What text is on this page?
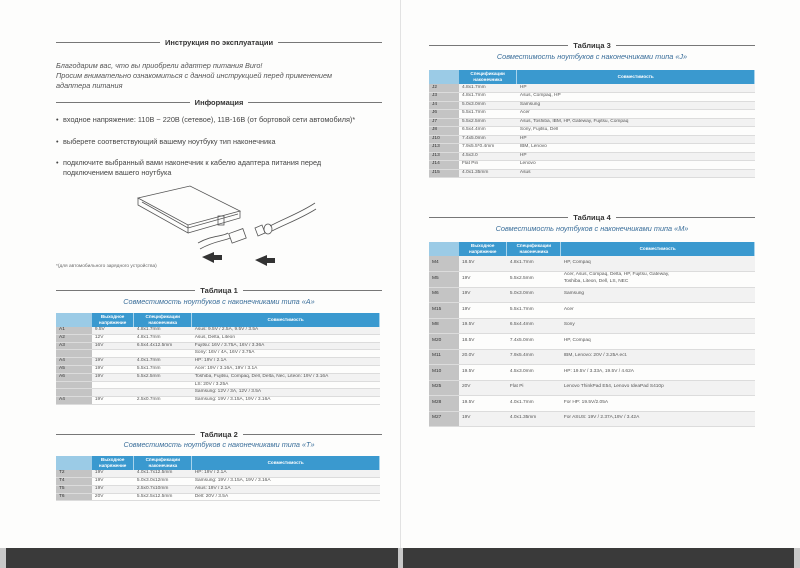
Инструкция по эксплуатации

Благодарим вас, что вы приобрели адаптер питания Buro!

Просим внимательно ознакомиться с данной инструкцией перед применением

адаптера питания

Информация
• входное напряжение: 110В ~ 220В (сетевое), 11В-16В (от бортовой сети автомобиля)*
• выберете соответствующий вашему ноутбуку тип наконечника
• подключите выбранный вами наконечник к кабелю адаптера питания перед
подключением вашего ноутбука
*(для автомобильного зарядного устройства)
Таблица 1
Совместимость ноутбуков с наконечниками типа «A»
	Выходное напряжение	Спецификации наконечника	Совместимость
A1	9.5V	4.8x1.7mm	Asus: 9.5V / 2.5A, 9.5V / 3.5A
A2	12V	4.8x1.7mm	Asus, Delta, Liteon
A3	16V	6.5x4.4x12.5mm	Fujitsu: 16V / 3.75A, 16V / 3.36A
			Sony: 16V / 4A, 16V / 3.75A
A4	19V	4.0x1.7mm	HP: 19V / 2.1A
A5	19V	5.5x1.7mm	Acer: 19V / 3.16A, 19V / 3.1A
A6	19V	5.5x2.5mm	Toshiba, Fujitsu, Compaq, Dell, Delta, Nec, Liteon: 19V / 3.16A
			LS: 20V / 3.25A
			Samsung: 12V / 3A, 12V / 3.5A
A4	19V	2.5x0.7mm	Samsung: 19V / 3.15A, 19V / 3.16A
Таблица 2
Совместимость ноутбуков с наконечниками типа «T»
	Выходное напряжение	Спецификации наконечника	Совместимость
T2	19V	4.0x1.7x12.5mm	HP: 19V / 2.1A
T4	19V	5.0x3.0x12mm	Samsung: 19V / 3.15A, 19V / 3.16A
T5	19V	2.5x0.7x10mm	Asus: 19V / 2.1A
T6	20V	5.5x2.5x12.5mm	Dell: 20V / 3.5A
Таблица 3
Совместимость ноутбуков с наконечниками типа «J»
	Спецификации наконечника	Совместимость
J2	4.8x1.7mm	HP
J3	4.8x1.7mm	Asus, Compaq, HP
J4	5.0x3.0mm	Samsung
J6	5.5x1.7mm	Acer
J7	5.5x2.5mm	Asus, Toshiba, IBM, HP, Gateway, Fujitsu, Compaq
J8	6.5x4.4mm	Sony, Fujitsu, Dell
J10	7.4x5.0mm	HP
J13	7.9x5.5*0.4mm	IBM, Lenovo
J13	4.5x3.0	HP
J14	Flat Pin	Lenovo
J15	4.0x1.35mm	Asus
Таблица 4
Совместимость ноутбуков с наконечниками типа «M»
	Выходное напряжение	Спецификации наконечника	Совместимость
M4	18.5V	4.8x1.7mm	HP, Compaq
M5	19V	5.5x2.5mm	Acer, Asus, Compaq, Delta, HP, Fujitsu, Gateway,
Toshiba, Liteon, Dell, LS, NEC

M6	19V	5.0x3.0mm	Samsung
M15	19V	5.5x1.7mm	Acer
M8	19.5V	6.5x4.4mm	Sony
M20	18.5V	7.4x5.0mm	HP, Compaq
M11	20.0V	7.9x5.4mm	IBM, Lenovo: 20V / 3.25A ect.
M10	19.5V	4.5x3.0mm	HP: 19.5V / 3.33A, 19.5V / 4.62A
M25	20V	Flat Pi	Lenovo ThinkPad E54, Lenovo IdeaPad S410p
M28	19.5V	4.0x1.7mm	For HP: 19.5V/2.05A
M27	19V	4.0x1.35mm	For ASUS: 19V / 2.37A,19V / 3.42A
